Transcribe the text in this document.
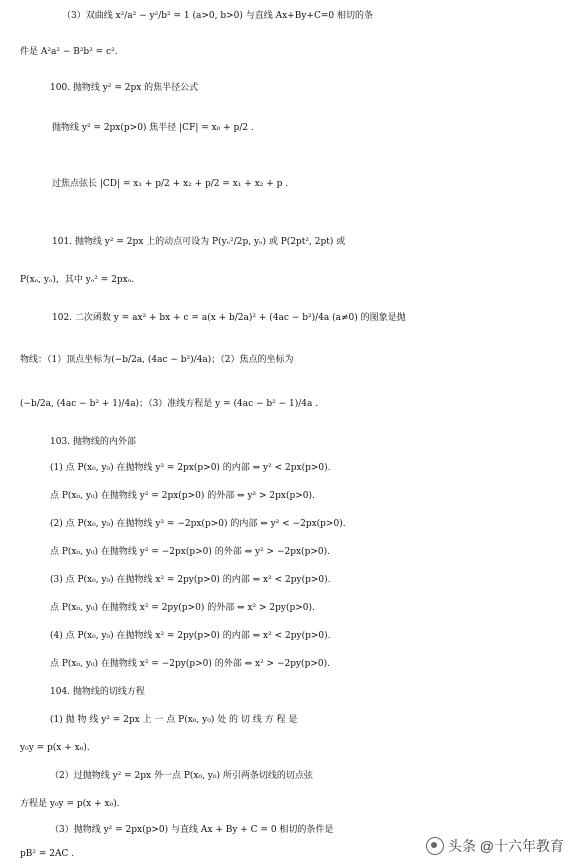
（3）双曲线 x²/a² − y²/b² = 1 (a>0, b>0) 与直线 Ax+By+C=0 相切的条
件是 A²a² − B²b² = c².
100. 抛物线 y² = 2px 的焦半径公式
抛物线 y² = 2px(p>0) 焦半径 |CF| = x₀ + p/2 .
过焦点弦长 |CD| = x₁ + p/2 + x₂ + p/2 = x₁ + x₂ + p .
101. 抛物线 y² = 2px 上的动点可设为 P(yₒ²/2p, yₒ) 或 P(2pt², 2pt) 或
P(xₒ, yₒ)，其中 yₒ² = 2pxₒ.
102. 二次函数 y = ax² + bx + c = a(x + b/2a)² + (4ac − b²)/4a (a≠0) 的图象是抛
物线：（1）顶点坐标为(−b/2a, (4ac − b²)/4a)；（2）焦点的坐标为
(−b/2a, (4ac − b² + 1)/4a)；（3）准线方程是 y = (4ac − b² − 1)/4a .
103. 抛物线的内外部
(1) 点 P(x₀, y₀) 在抛物线 y² = 2px(p>0) 的内部 ⇔ y² < 2px(p>0).
点 P(x₀, y₀) 在抛物线 y² = 2px(p>0) 的外部 ⇔ y² > 2px(p>0).
(2) 点 P(x₀, y₀) 在抛物线 y² = −2px(p>0) 的内部 ⇔ y² < −2px(p>0).
点 P(x₀, y₀) 在抛物线 y² = −2px(p>0) 的外部 ⇔ y² > −2px(p>0).
(3) 点 P(x₀, y₀) 在抛物线 x² = 2py(p>0) 的内部 ⇔ x² < 2py(p>0).
点 P(x₀, y₀) 在抛物线 x² = 2py(p>0) 的外部 ⇔ x² > 2py(p>0).
(4) 点 P(x₀, y₀) 在抛物线 x² = 2py(p>0) 的内部 ⇔ x² < 2py(p>0).
点 P(x₀, y₀) 在抛物线 x² = −2py(p>0) 的外部 ⇔ x² > −2py(p>0).
104. 抛物线的切线方程
(1) 抛 物 线 y² = 2px 上 一 点 P(x₀, y₀) 处 的 切 线 方 程 是
y₀y = p(x + x₀).
（2）过抛物线 y² = 2px 外一点 P(x₀, y₀) 所引两条切线的切点弦
方程是 y₀y = p(x + x₀).
（3）抛物线 y² = 2px(p>0) 与直线 Ax + By + C = 0 相切的条件是
pB² = 2AC .	头条 @十六年教育
